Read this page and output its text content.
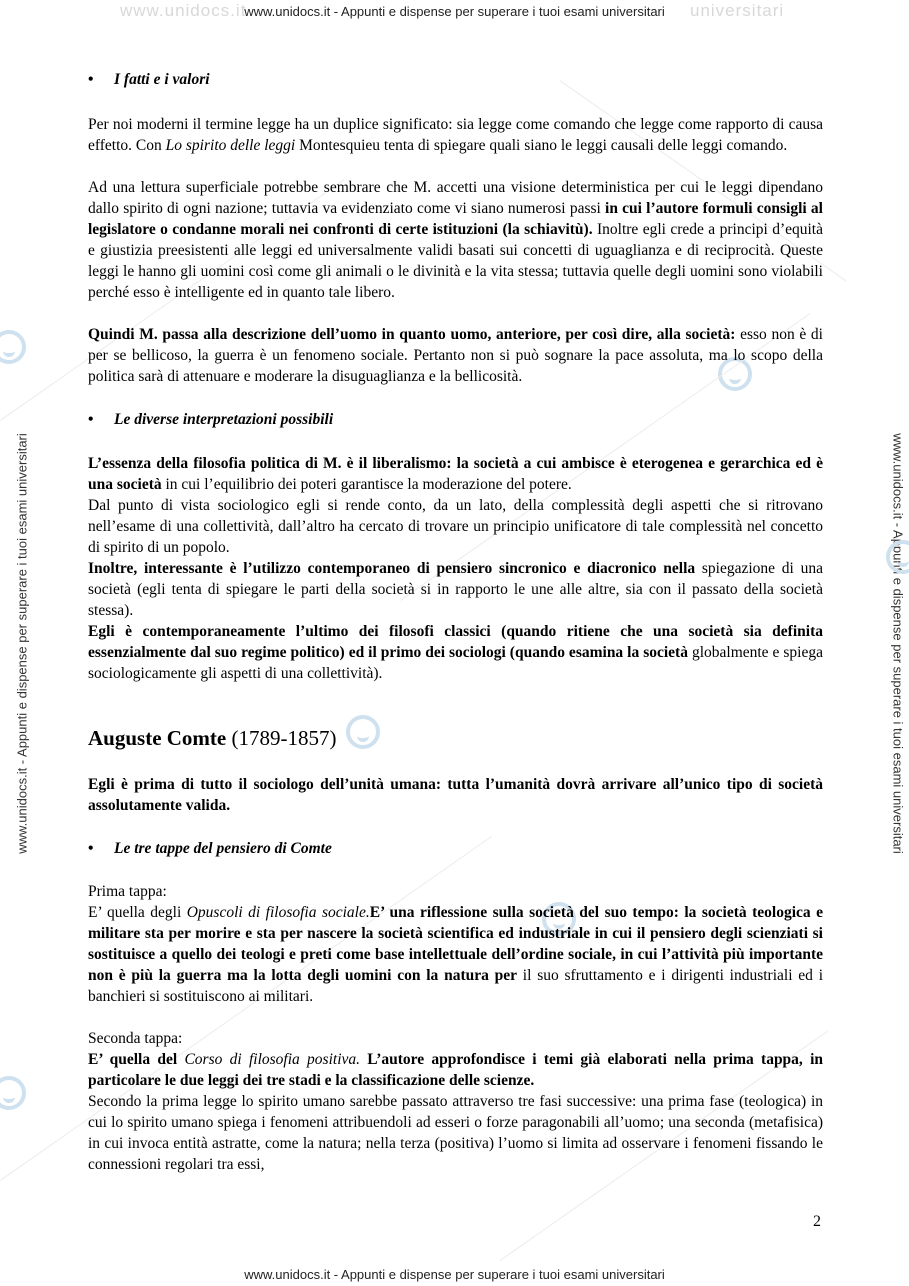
www.unidocs.it	universitari
www.unidocs.it - Appunti e dispense per superare i tuoi esami universitari
www.unidocs.it - Appunti e dispense per superare i tuoi esami universitari
www.unidocs.it - Appunti e dispense per superare i tuoi esami universitari	www.unidocs.it - Appunti e dispense per superare i tuoi esami universitari
• I fatti e i valori
Per noi moderni il termine legge ha un duplice significato: sia legge come comando che legge come rapporto di causa effetto. Con Lo spirito delle leggi Montesquieu tenta di spiegare quali siano le leggi causali delle leggi comando.
Ad una lettura superficiale potrebbe sembrare che M. accetti una visione deterministica per cui le leggi dipendano dallo spirito di ogni nazione; tuttavia va evidenziato come vi siano numerosi passi in cui l’autore formuli consigli al legislatore o condanne morali nei confronti di certe istituzioni (la schiavitù). Inoltre egli crede a principi d’equità e giustizia preesistenti alle leggi ed universalmente validi basati sui concetti di uguaglianza e di reciprocità. Queste leggi le hanno gli uomini così come gli animali o le divinità e la vita stessa; tuttavia quelle degli uomini sono violabili perché esso è intelligente ed in quanto tale libero.
Quindi M. passa alla descrizione dell’uomo in quanto uomo, anteriore, per così dire, alla società: esso non è di per se bellicoso, la guerra è un fenomeno sociale. Pertanto non si può sognare la pace assoluta, ma lo scopo della politica sarà di attenuare e moderare la disuguaglianza e la bellicosità.
• Le diverse interpretazioni possibili
L’essenza della filosofia politica di M. è il liberalismo: la società a cui ambisce è eterogenea e gerarchica ed è una società in cui l’equilibrio dei poteri garantisce la moderazione del potere.
Dal punto di vista sociologico egli si rende conto, da un lato, della complessità degli aspetti che si ritrovano nell’esame di una collettività, dall’altro ha cercato di trovare un principio unificatore di tale complessità nel concetto di spirito di un popolo.
Inoltre, interessante è l’utilizzo contemporaneo di pensiero sincronico e diacronico nella spiegazione di una società (egli tenta di spiegare le parti della società si in rapporto le une alle altre, sia con il passato della società stessa).
Egli è contemporaneamente l’ultimo dei filosofi classici (quando ritiene che una società sia definita essenzialmente dal suo regime politico) ed il primo dei sociologi (quando esamina la società globalmente e spiega sociologicamente gli aspetti di una collettività).
Auguste Comte (1789-1857)
Egli è prima di tutto il sociologo dell’unità umana: tutta l’umanità dovrà arrivare all’unico tipo di società assolutamente valida.
• Le tre tappe del pensiero di Comte
Prima tappa:
E’ quella degli Opuscoli di filosofia sociale.E’ una riflessione sulla società del suo tempo: la società teologica e militare sta per morire e sta per nascere la società scientifica ed industriale in cui il pensiero degli scienziati si sostituisce a quello dei teologi e preti come base intellettuale dell’ordine sociale, in cui l’attività più importante non è più la guerra ma la lotta degli uomini con la natura per il suo sfruttamento e i dirigenti industriali ed i banchieri si sostituiscono ai militari.
Seconda tappa:
E’ quella del Corso di filosofia positiva. L’autore approfondisce i temi già elaborati nella prima tappa, in particolare le due leggi dei tre stadi e la classificazione delle scienze.
Secondo la prima legge lo spirito umano sarebbe passato attraverso tre fasi successive: una prima fase (teologica) in cui lo spirito umano spiega i fenomeni attribuendoli ad esseri o forze paragonabili all’uomo; una seconda (metafisica) in cui invoca entità astratte, come la natura; nella terza (positiva) l’uomo si limita ad osservare i fenomeni fissando le connessioni regolari tra essi,
2
